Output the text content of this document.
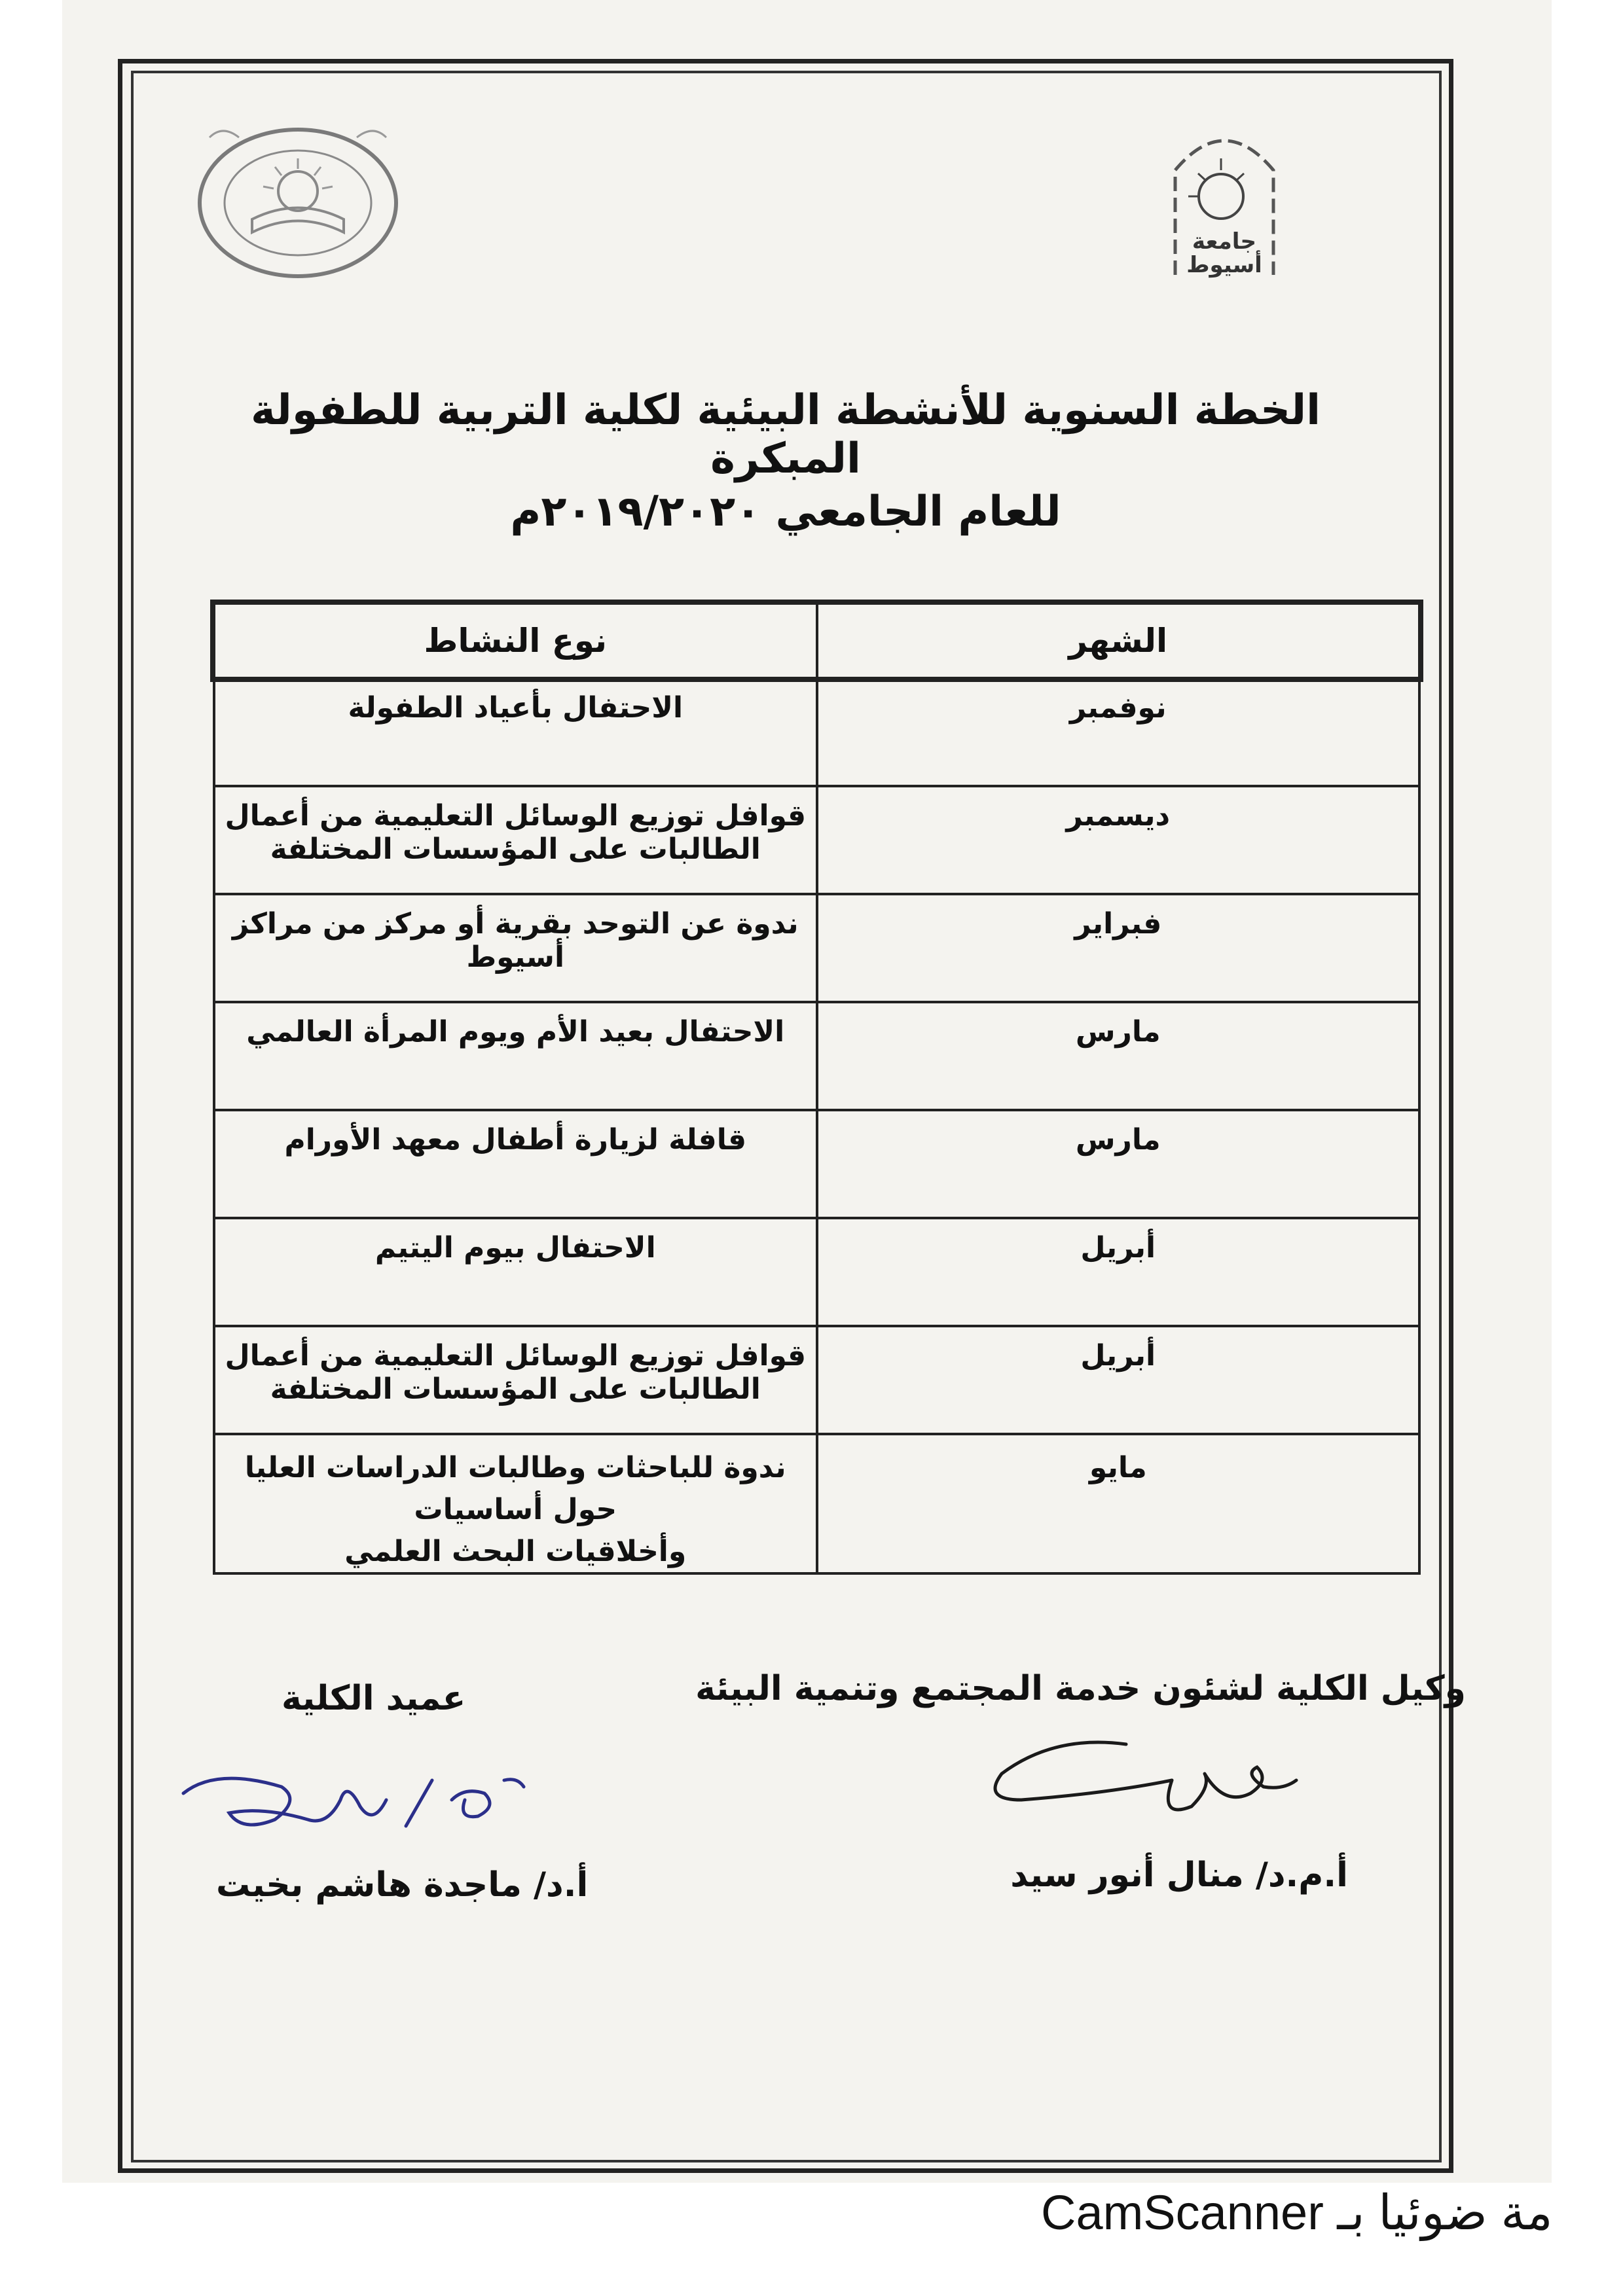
جامعة
أسيوط
الخطة السنوية للأنشطة البيئية لكلية التربية للطفولة المبكرة
للعام الجامعي ٢٠١٩/٢٠٢٠م
الشهر	نوع النشاط
نوفمبر	الاحتفال بأعياد الطفولة
ديسمبر	قوافل توزيع الوسائل التعليمية من أعمال الطالبات على المؤسسات المختلفة
فبراير	ندوة عن التوحد بقرية أو مركز من مراكز أسيوط
مارس	الاحتفال بعيد الأم ويوم المرأة العالمي
مارس	قافلة لزيارة أطفال معهد الأورام
أبريل	الاحتفال بيوم اليتيم
أبريل	قوافل توزيع الوسائل التعليمية من أعمال الطالبات على المؤسسات المختلفة
مايو	ندوة للباحثات وطالبات الدراسات العليا حول أساسيات
وأخلاقيات البحث العلمي
وكيل الكلية لشئون خدمة المجتمع وتنمية البيئة
أ.م.د/ منال أنور سيد
عميد الكلية
أ.د/ ماجدة هاشم بخيت
مة ضوئيا بـ CamScanner
